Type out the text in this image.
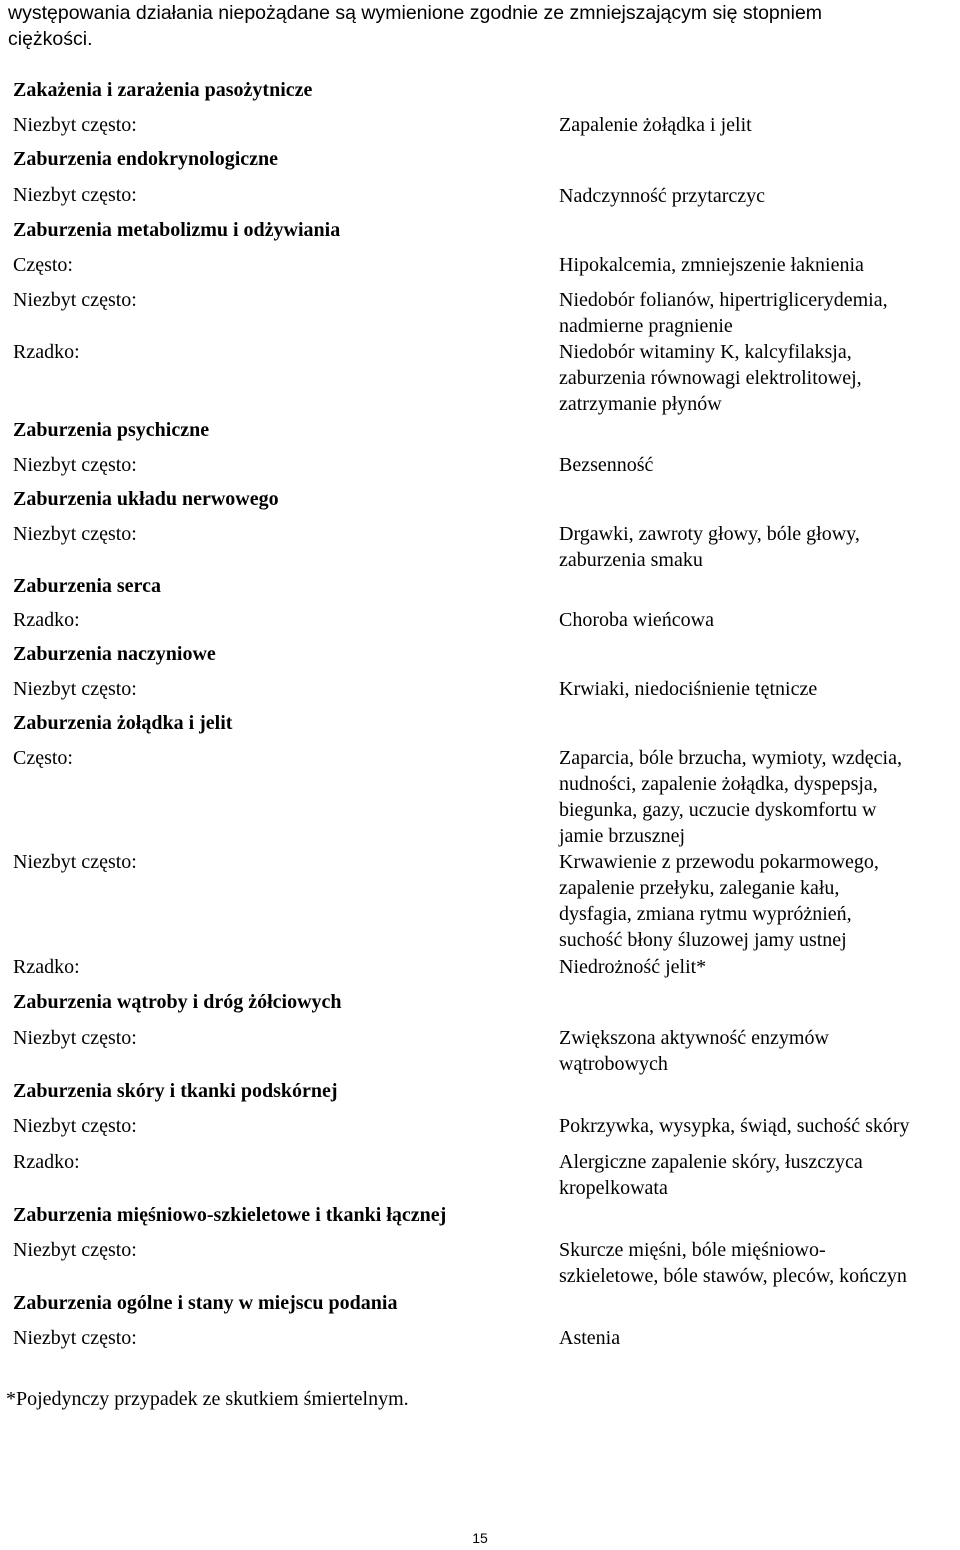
występowania działania niepożądane są wymienione zgodnie ze zmniejszającym się stopniem
ciężkości.
Zakażenia i zarażenia pasożytnicze
Niezbyt często:	Zapalenie żołądka i jelit
Zaburzenia endokrynologiczne
Niezbyt często:	Nadczynność przytarczyc
Zaburzenia metabolizmu i odżywiania
Często:	Hipokalcemia, zmniejszenie łaknienia
Niezbyt często:	Niedobór folianów, hipertriglicerydemia,
nadmierne pragnienie
Rzadko:	Niedobór witaminy K, kalcyfilaksja,
zaburzenia równowagi elektrolitowej,
zatrzymanie płynów
Zaburzenia psychiczne
Niezbyt często:	Bezsenność
Zaburzenia układu nerwowego
Niezbyt często:	Drgawki, zawroty głowy, bóle głowy,
zaburzenia smaku
Zaburzenia serca
Rzadko:	Choroba wieńcowa
Zaburzenia naczyniowe
Niezbyt często:	Krwiaki, niedociśnienie tętnicze
Zaburzenia żołądka i jelit
Często:	Zaparcia, bóle brzucha, wymioty, wzdęcia,
nudności, zapalenie żołądka, dyspepsja,
biegunka, gazy, uczucie dyskomfortu w
jamie brzusznej
Niezbyt często:	Krwawienie z przewodu pokarmowego,
zapalenie przełyku, zaleganie kału,
dysfagia, zmiana rytmu wypróżnień,
suchość błony śluzowej jamy ustnej
Rzadko:	Niedrożność jelit*
Zaburzenia wątroby i dróg żółciowych
Niezbyt często:	Zwiększona aktywność enzymów
wątrobowych
Zaburzenia skóry i tkanki podskórnej
Niezbyt często:	Pokrzywka, wysypka, świąd, suchość skóry
Rzadko:	Alergiczne zapalenie skóry, łuszczyca
kropelkowata
Zaburzenia mięśniowo-szkieletowe i tkanki łącznej
Niezbyt często:	Skurcze mięśni, bóle mięśniowo-
szkieletowe, bóle stawów, pleców, kończyn
Zaburzenia ogólne i stany w miejscu podania
Niezbyt często:	Astenia
*Pojedynczy przypadek ze skutkiem śmiertelnym.
15
